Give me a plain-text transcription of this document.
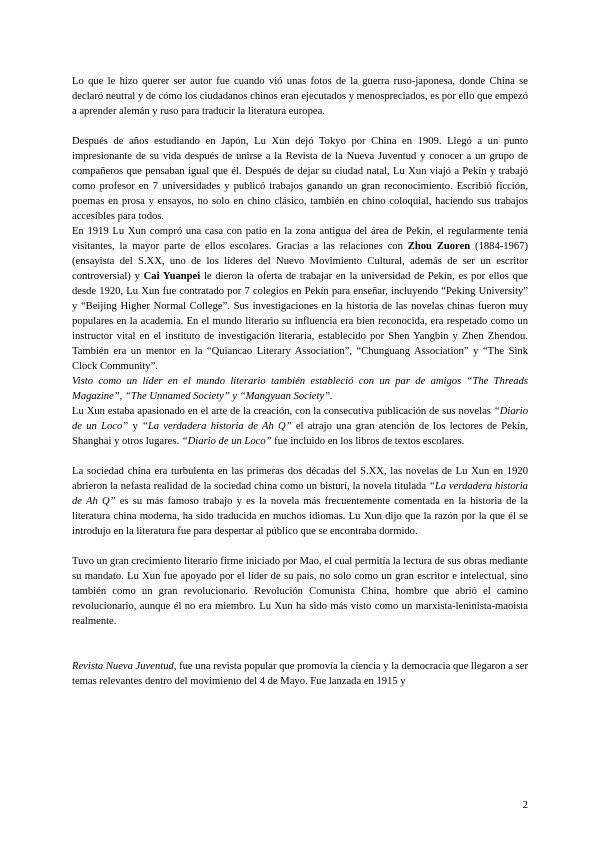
Lo que le hizo querer ser autor fue cuando vió unas fotos de la guerra ruso-japonesa, donde China se declaró neutral y de cómo los ciudadanos chinos eran ejecutados y menospreciados, es por ello que empezó a aprender alemán y ruso para traducir la literatura europea.

Después de años estudiando en Japón, Lu Xun dejó Tokyo por China en 1909. Llegó a un punto impresionante de su vida después de unirse a la Revista de la Nueva Juventud y conocer a un grupo de compañeros que pensaban igual que él. Después de dejar su ciudad natal, Lu Xun viajó a Pekín y trabajó como profesor en 7 universidades y publicó trabajos ganando un gran reconocimiento. Escribió ficción, poemas en prosa y ensayos, no solo en chino clásico, también en chino coloquial, haciendo sus trabajos accesibles para todos.

En 1919 Lu Xun compró una casa con patio en la zona antigua del área de Pekín, el regularmente tenía visitantes, la mayor parte de ellos escolares. Gracias a las relaciones con Zhou Zuoren (1884-1967) (ensayista del S.XX, uno de los líderes del Nuevo Movimiento Cultural, además de ser un escritor controversial) y Cai Yuanpei le dieron la oferta de trabajar en la universidad de Pekín, es por ellos que desde 1920, Lu Xun fue contratado por 7 colegios en Pekín para enseñar, incluyendo “Peking University” y “Beijing Higher Normal College”. Sus investigaciones en la historia de las novelas chinas fueron muy populares en la academia. En el mundo literario su influencia era bien reconocida, era respetado como un instructor vital en el instituto de investigación literaria, establecido por Shen Yangbin y Zhen Zhendou. También era un mentor en la “Quiancao Literary Association”, “Chunguang Association” y “The Sink Clock Community”.

Visto como un líder en el mundo literario también estableció con un par de amigos “The Threads Magazine”, “The Unnamed Society” y “Mangyuan Society”.

Lu Xun estaba apasionado en el arte de la creación, con la consecutiva publicación de sus novelas “Diario de un Loco” y “La verdadera historia de Ah Q” el atrajo una gran atención de los lectores de Pekín, Shanghai y otros lugares. “Diario de un Loco” fue incluido en los libros de textos escolares.

La sociedad china era turbulenta en las primeras dos décadas del S.XX, las novelas de Lu Xun en 1920 abrieron la nefasta realidad de la sociedad china como un bisturí, la novela titulada “La verdadera historia de Ah Q” es su más famoso trabajo y es la novela más frecuentemente comentada en la historia de la literatura china moderna, ha sido traducida en muchos idiomas. Lu Xun dijo que la razón por la que él se introdujo en la literatura fue para despertar al público que se encontraba dormido.

Tuvo un gran crecimiento literario firme iniciado por Mao, el cual permitía la lectura de sus obras mediante su mandato. Lu Xun fue apoyado por el líder de su país, no solo como un gran escritor e intelectual, sino también como un gran revolucionario. Revolución Comunista China, hombre que abrió el camino revolucionario, aunque él no era miembro. Lu Xun ha sido más visto como un marxista-leninista-maoista realmente.

Revista Nueva Juventud, fue una revista popular que promovía la ciencia y la democracia que llegaron a ser temas relevantes dentro del movimiento del 4 de Mayo. Fue lanzada en 1915 y

2
